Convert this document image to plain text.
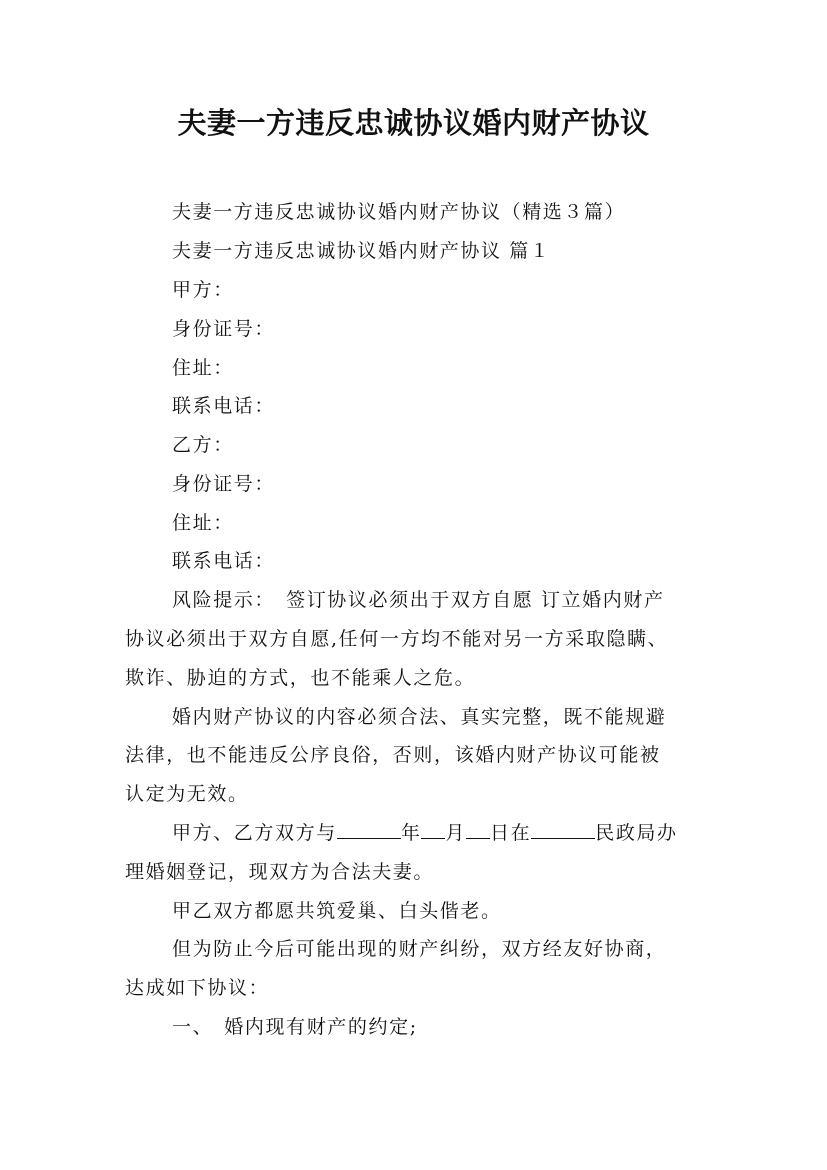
夫妻一方违反忠诚协议婚内财产协议
夫妻一方违反忠诚协议婚内财产协议（精选３篇）
夫妻一方违反忠诚协议婚内财产协议 篇１
甲方：
身份证号：
住址：
联系电话：
乙方：
身份证号：
住址：
联系电话：
风险提示：　签订协议必须出于双方自愿 订立婚内财产
协议必须出于双方自愿,任何一方均不能对另一方采取隐瞒、
欺诈、胁迫的方式，也不能乘人之危。
婚内财产协议的内容必须合法、真实完整，既不能规避
法律，也不能违反公序良俗，否则，该婚内财产协议可能被
认定为无效。
甲方、乙方双方与	年 月 日在	民政局办
理婚姻登记，现双方为合法夫妻。
甲乙双方都愿共筑爱巢、白头偕老。
但为防止今后可能出现的财产纠纷，双方经友好协商，
达成如下协议：
一、　婚内现有财产的约定;
